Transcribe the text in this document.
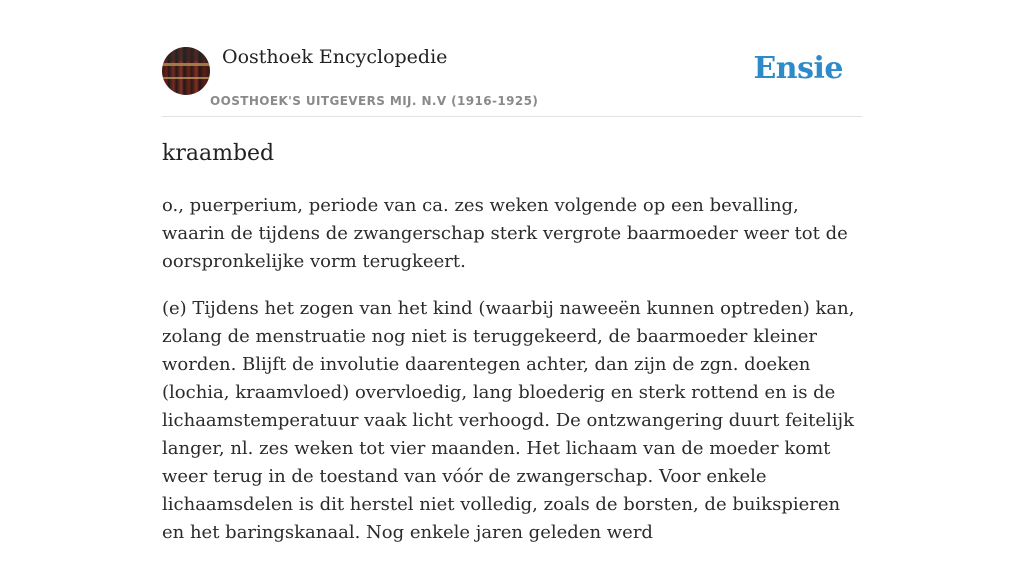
Oosthoek Encyclopedie
OOSTHOEK'S UITGEVERS MIJ. N.V (1916-1925)
Ensie
kraambed

o., puerperium, periode van ca. zes weken volgende op een bevalling, waarin de tijdens de zwangerschap sterk vergrote baarmoeder weer tot de oorspronkelijke vorm terugkeert.

(e) Tijdens het zogen van het kind (waarbij naweeën kunnen optreden) kan, zolang de menstruatie nog niet is teruggekeerd, de baarmoeder kleiner worden. Blijft de involutie daarentegen achter, dan zijn de zgn. doeken (lochia, kraamvloed) overvloedig, lang bloederig en sterk rottend en is de lichaamstemperatuur vaak licht verhoogd. De ontzwangering duurt feitelijk langer, nl. zes weken tot vier maanden. Het lichaam van de moeder komt weer terug in de toestand van vóór de zwangerschap. Voor enkele lichaamsdelen is dit herstel niet volledig, zoals de borsten, de buikspieren en het baringskanaal. Nog enkele jaren geleden werd
